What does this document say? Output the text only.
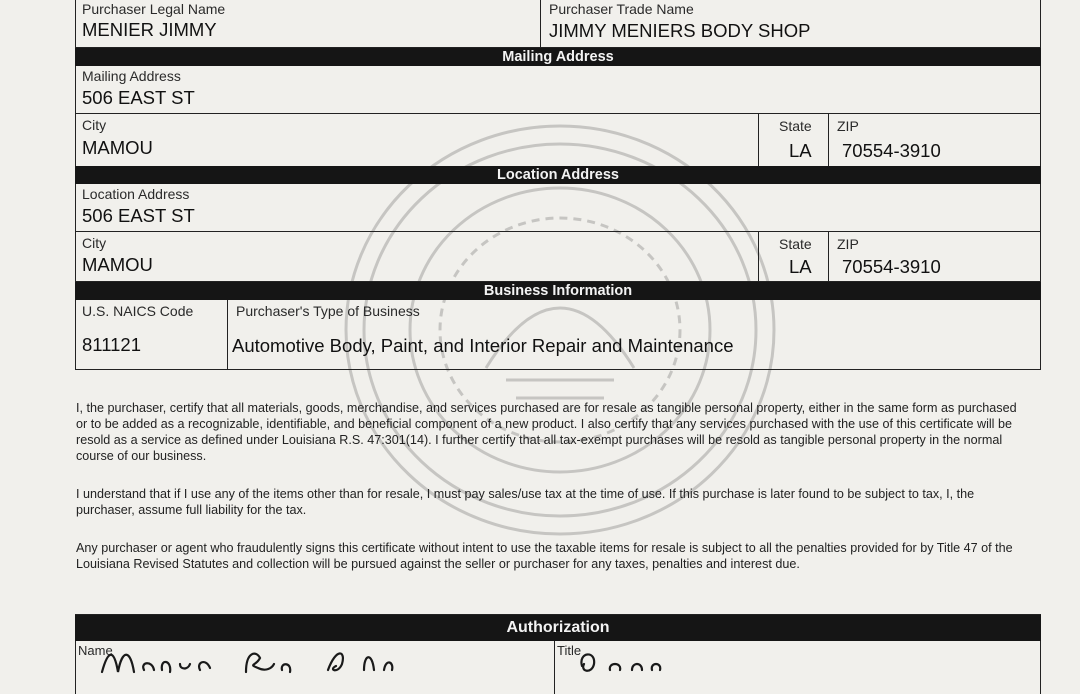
Purchaser Legal Name
MENIER JIMMY
Purchaser Trade Name
JIMMY MENIERS BODY SHOP
Mailing Address
Mailing Address
506 EAST ST
City
MAMOU
State
LA
ZIP
70554-3910
Location Address
Location Address
506 EAST ST
City
MAMOU
State
LA
ZIP
70554-3910
Business Information
U.S. NAICS Code
811121
Purchaser's Type of Business
Automotive Body, Paint, and Interior Repair and Maintenance
Authorization
Name	Title
I, the purchaser, certify that all materials, goods, merchandise, and services purchased are for resale as tangible personal property, either in the same form as purchased or to be added as a recognizable, identifiable, and beneficial component of a new product. I also certify that any services purchased with the use of this certificate will be resold as a service as defined under Louisiana R.S. 47:301(14). I further certify that all tax-exempt purchases will be resold as tangible personal property in the normal course of our business.
I understand that if I use any of the items other than for resale, I must pay sales/use tax at the time of use. If this purchase is later found to be subject to tax, I, the purchaser, assume full liability for the tax.
Any purchaser or agent who fraudulently signs this certificate without intent to use the taxable items for resale is subject to all the penalties provided for by Title 47 of the Louisiana Revised Statutes and collection will be pursued against the seller or purchaser for any taxes, penalties and interest due.
